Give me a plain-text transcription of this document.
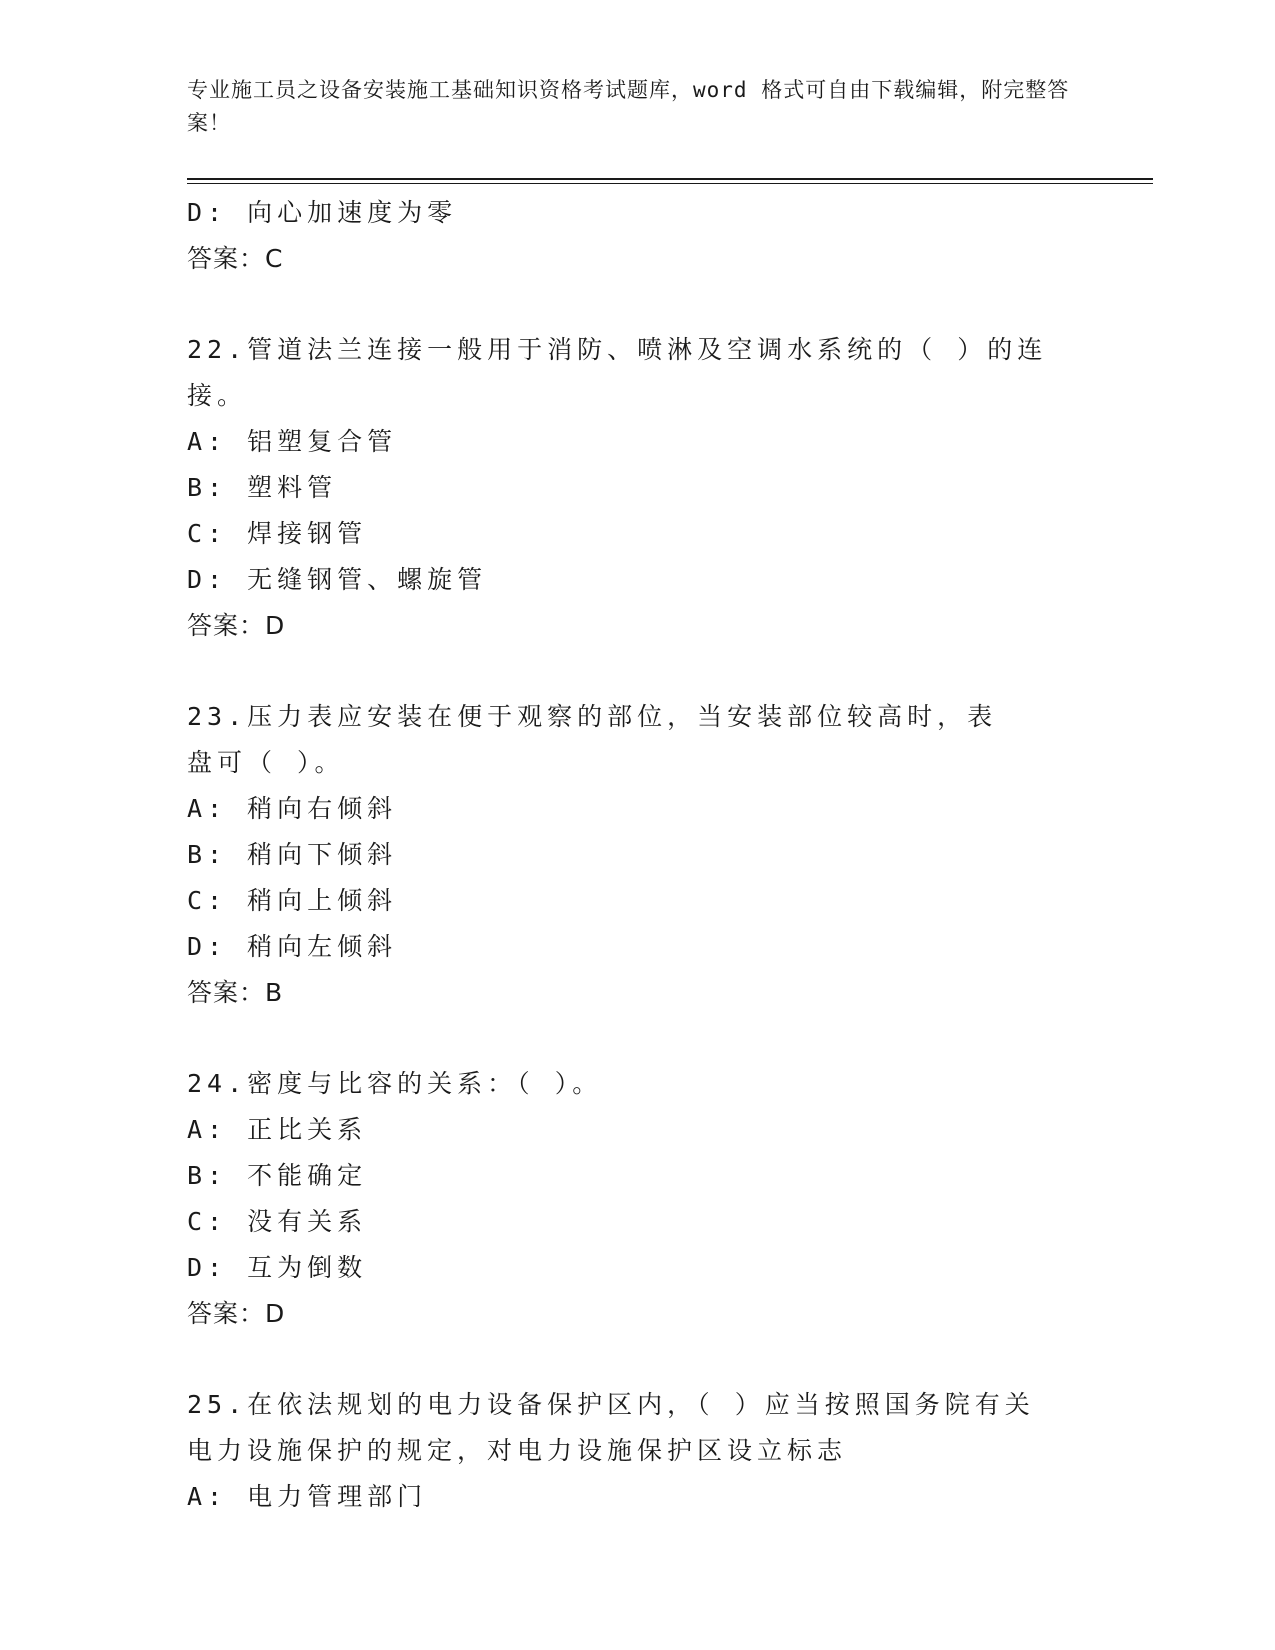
专业施工员之设备安装施工基础知识资格考试题库，word 格式可自由下载编辑，附完整答案！
D: 向心加速度为零
答案：C
22.管道法兰连接一般用于消防、喷淋及空调水系统的（ ）的连接。
A: 铝塑复合管
B: 塑料管
C: 焊接钢管
D: 无缝钢管、螺旋管
答案：D
23.压力表应安装在便于观察的部位，当安装部位较高时，表盘可（ ）。
A: 稍向右倾斜
B: 稍向下倾斜
C: 稍向上倾斜
D: 稍向左倾斜
答案：B
24.密度与比容的关系：（ ）。
A: 正比关系
B: 不能确定
C: 没有关系
D: 互为倒数
答案：D
25.在依法规划的电力设备保护区内，（ ）应当按照国务院有关电力设施保护的规定，对电力设施保护区设立标志
A: 电力管理部门
